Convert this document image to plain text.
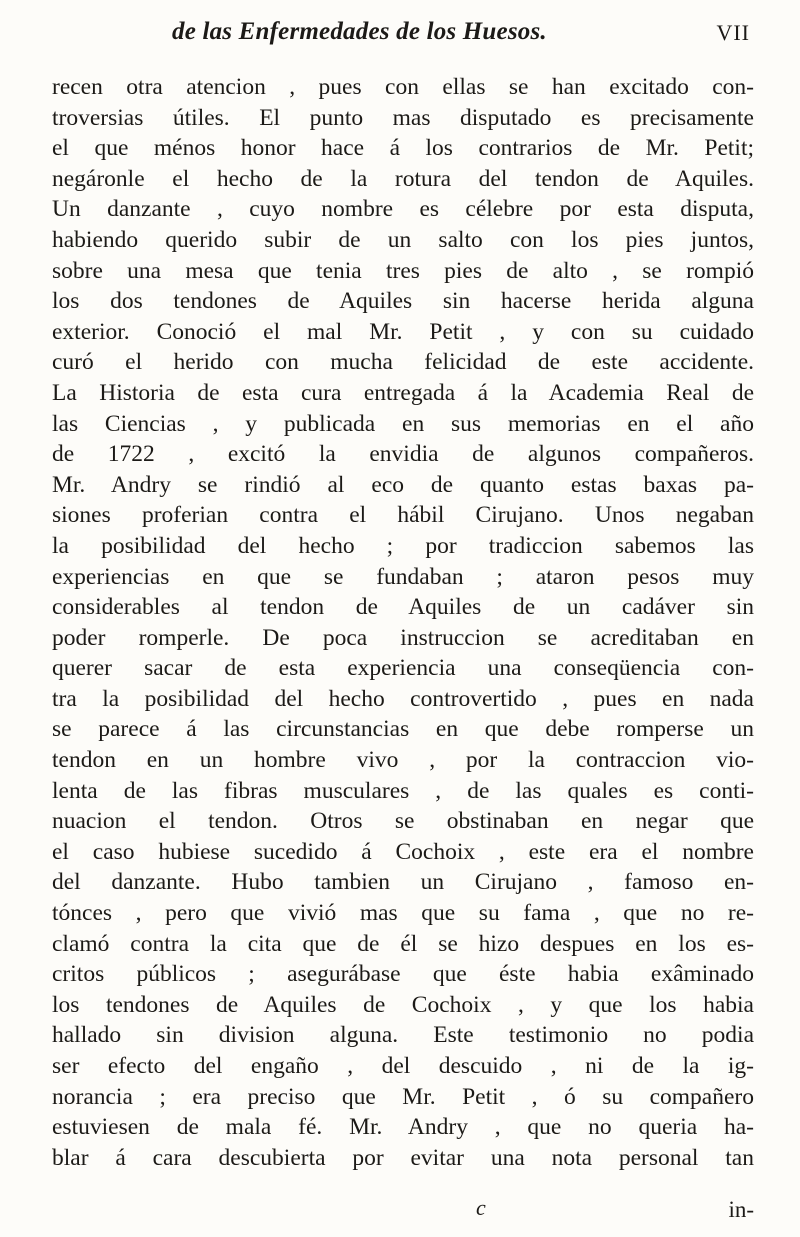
de las Enfermedades de los Huesos.	VII
recen otra atencion , pues con ellas se han excitado con-
troversias útiles. El punto mas disputado es precisamente
el que ménos honor hace á los contrarios de Mr. Petit;
negáronle el hecho de la rotura del tendon de Aquiles.
Un danzante , cuyo nombre es célebre por esta disputa,
habiendo querido subir de un salto con los pies juntos,
sobre una mesa que tenia tres pies de alto , se rompió
los dos tendones de Aquiles sin hacerse herida alguna
exterior. Conoció el mal Mr. Petit , y con su cuidado
curó el herido con mucha felicidad de este accidente.
La Historia de esta cura entregada á la Academia Real de
las Ciencias , y publicada en sus memorias en el año
de 1722 , excitó la envidia de algunos compañeros.
Mr. Andry se rindió al eco de quanto estas baxas pa-
siones proferian contra el hábil Cirujano. Unos negaban
la posibilidad del hecho ; por tradiccion sabemos las
experiencias en que se fundaban ; ataron pesos muy
considerables al tendon de Aquiles de un cadáver sin
poder romperle. De poca instruccion se acreditaban en
querer sacar de esta experiencia una conseqüencia con-
tra la posibilidad del hecho controvertido , pues en nada
se parece á las circunstancias en que debe romperse un
tendon en un hombre vivo , por la contraccion vio-
lenta de las fibras musculares , de las quales es conti-
nuacion el tendon. Otros se obstinaban en negar que
el caso hubiese sucedido á Cochoix , este era el nombre
del danzante. Hubo tambien un Cirujano , famoso en-
tónces , pero que vivió mas que su fama , que no re-
clamó contra la cita que de él se hizo despues en los es-
critos públicos ; asegurábase que éste habia exâminado
los tendones de Aquiles de Cochoix , y que los habia
hallado sin division alguna. Este testimonio no podia
ser efecto del engaño , del descuido , ni de la ig-
norancia ; era preciso que Mr. Petit , ó su compañero
estuviesen de mala fé. Mr. Andry , que no queria ha-
blar á cara descubierta por evitar una nota personal tan
c	in-
